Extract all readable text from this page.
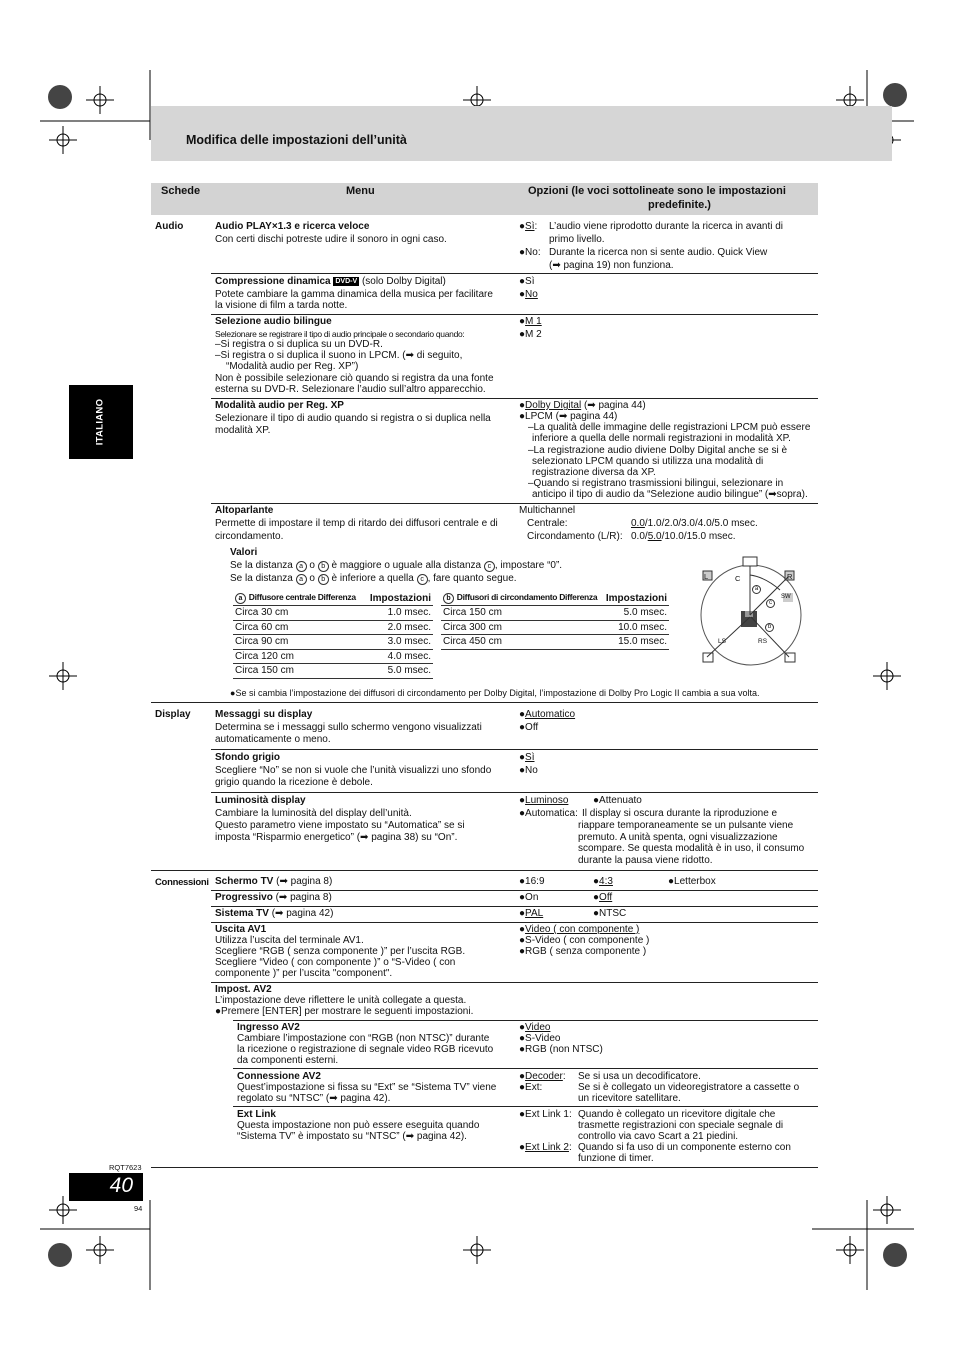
Modifica delle impostazioni dell’unità
ITALIANO
Schede	Menu	Opzioni (le voci sottolineate sono le impostazioni
predefinite.)
Audio	Audio PLAY×1.3 e ricerca veloce
Con certi dischi potreste udire il sonoro in ogni caso.
●Sì: L’audio viene riprodotto durante la ricerca in avanti di
primo livello.
●No: Durante la ricerca non si sente audio. Quick View
(➡ pagina 19) non funziona.
Compressione dinamica DVD-V (solo Dolby Digital)
Potete cambiare la gamma dinamica della musica per facilitare
la visione di film a tarda notte.
●Sì
●No
Selezione audio bilingue
Selezionare se registrare il tipo di audio principale o secondario quando:
–Si registra o si duplica su un DVD-R.
–Si registra o si duplica il suono in LPCM. (➡ di seguito,
“Modalità audio per Reg. XP”)
Non è possibile selezionare ciò quando si registra da una fonte
esterna su DVD-R. Selezionare l’audio sull’altro apparecchio.
●M 1
●M 2
Modalità audio per Reg. XP
Selezionare il tipo di audio quando si registra o si duplica nella
modalità XP.
●Dolby Digital (➡ pagina 44)
●LPCM (➡ pagina 44)
–La qualità delle immagine delle registrazioni LPCM può essere
inferiore a quella delle normali registrazioni in modalità XP.
–La registrazione audio diviene Dolby Digital anche se si è
selezionato LPCM quando si utilizza una modalità di
registrazione diversa da XP.
–Quando si registrano trasmissioni bilingui, selezionare in
anticipo il tipo di audio da “Selezione audio bilingue” (➡sopra).
Altoparlante
Permette di impostare il temp di ritardo dei diffusori centrale e di
circondamento.
Multichannel
Centrale:	0.0/1.0/2.0/3.0/4.0/5.0 msec.
Circondamento (L/R): 0.0/5.0/10.0/15.0 msec.
Valori
Se la distanza a o b è maggiore o uguale alla distanza c , impostare “0”.
Se la distanza a o b è inferiore a quella c , fare quanto segue.
a Diffusore centrale Differenza	Impostazioni
Circa 30 cm	1.0 msec.
Circa 60 cm	2.0 msec.
Circa 90 cm	3.0 msec.
Circa 120 cm	4.0 msec.
Circa 150 cm	5.0 msec.
b Diffusori di circondamento Differenza	Impostazioni
Circa 150 cm	5.0 msec.
Circa 300 cm	10.0 msec.
Circa 450 cm	15.0 msec.
L	C	R
SW
LS	RS
a
b
c
●Se si cambia l’impostazione dei diffusori di circondamento per Dolby Digital, l’impostazione di Dolby Pro Logic II cambia a sua volta.
Display Messaggi su display
Determina se i messaggi sullo schermo vengono visualizzati
automaticamente o meno.
●Automatico
●Off
Sfondo grigio
Scegliere “No” se non si vuole che l’unità visualizzi uno sfondo
grigio quando la ricezione è debole.
●Sì
●No
Luminosità display
Cambiare la luminosità del display dell’unità.
Questo parametro viene impostato su “Automatica” se si
imposta “Risparmio energetico” (➡ pagina 38) su “On”.
●Luminoso ●Attenuato
●Automatica: Il display si oscura durante la riproduzione e
riappare temporaneamente se un pulsante viene
premuto. A unità spenta, ogni visualizzazione
scompare. Se questa modalità è in uso, il consumo
durante la pausa viene ridotto.
Connessioni Schermo TV (➡ pagina 8)	●16:9	●4:3	●Letterbox
Progressivo (➡ pagina 8)	●On	●Off
Sistema TV (➡ pagina 42)	●PAL	●NTSC
Uscita AV1
Utilizza l’uscita del terminale AV1.
Scegliere “RGB ( senza componente )” per l’uscita RGB.
Scegliere “Video ( con componente )” o “S-Video ( con
componente )” per l’uscita "component".
●Video ( con componente )
●S-Video ( con componente )
●RGB ( senza componente )
Impost. AV2
L’impostazione deve riflettere le unità collegate a questa.
●Premere [ENTER] per mostrare le seguenti impostazioni.
Ingresso AV2
Cambiare l’impostazione con “RGB (non NTSC)” durante
la ricezione o registrazione di segnale video RGB ricevuto
da componenti esterni.
●Video
●S-Video
●RGB (non NTSC)
Connessione AV2
Quest’impostazione si fissa su “Ext” se “Sistema TV” viene
regolato su “NTSC” (➡ pagina 42).
●Decoder: Se si usa un decodificatore.
●Ext:	Se si è collegato un videoregistratore a cassette o
un ricevitore satellitare.
Ext Link
Questa impostazione non può essere eseguita quando
“Sistema TV” è impostato su “NTSC” (➡ pagina 42).
●Ext Link 1: Quando è collegato un ricevitore digitale che
trasmette registrazioni con speciale segnale di
controllo via cavo Scart a 21 piedini.
●Ext Link 2: Quando si fa uso di un componente esterno con
funzione di timer.
RQT7623
40
94
